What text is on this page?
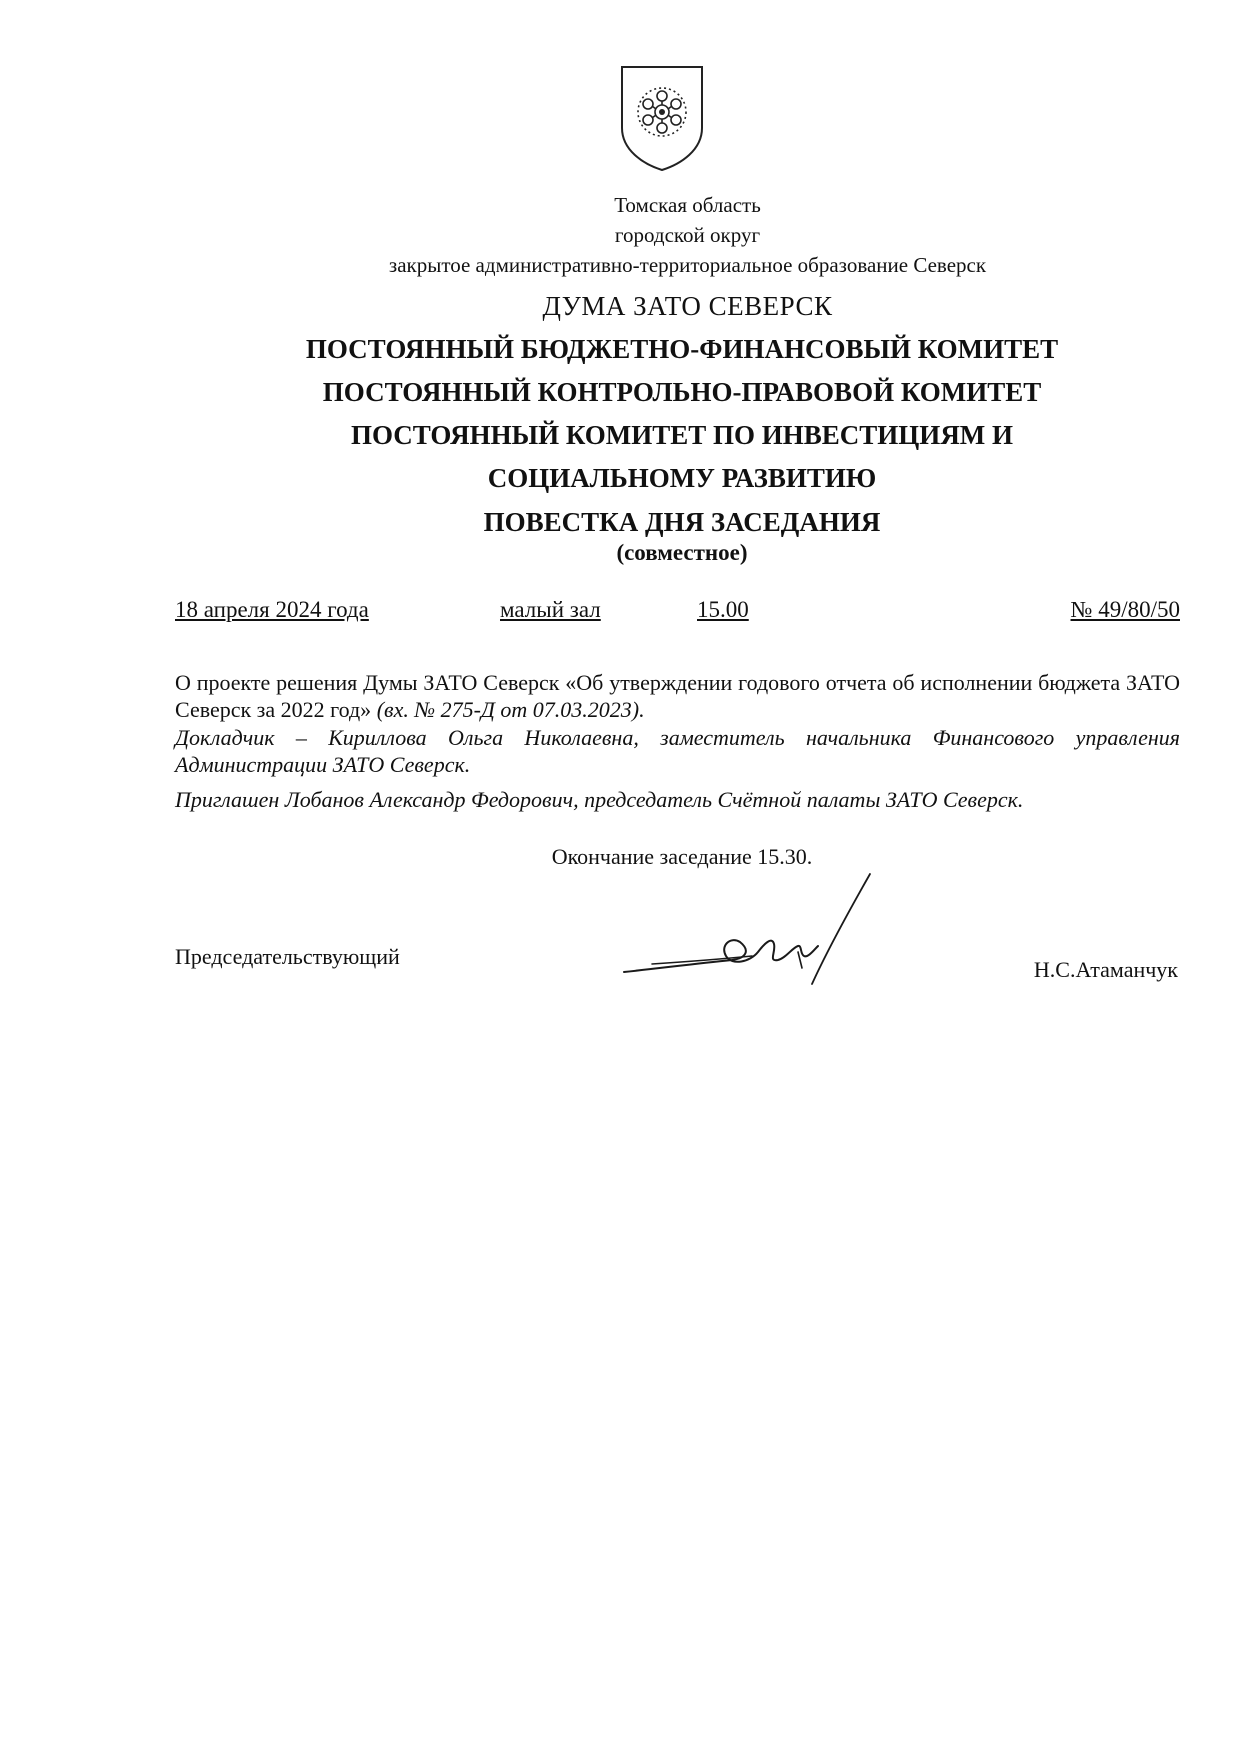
Томская область
городской округ
закрытое административно-территориальное образование Северск
ДУМА ЗАТО СЕВЕРСК
ПОСТОЯННЫЙ БЮДЖЕТНО-ФИНАНСОВЫЙ КОМИТЕТ
ПОСТОЯННЫЙ КОНТРОЛЬНО-ПРАВОВОЙ КОМИТЕТ
ПОСТОЯННЫЙ КОМИТЕТ ПО ИНВЕСТИЦИЯМ И
СОЦИАЛЬНОМУ РАЗВИТИЮ
ПОВЕСТКА ДНЯ ЗАСЕДАНИЯ
(совместное)
18 апреля 2024 года	малый зал	15.00	№ 49/80/50
О проекте решения Думы ЗАТО Северск «Об утверждении годового отчета об исполнении бюджета ЗАТО Северск за 2022 год» (вх. № 275-Д от 07.03.2023).
Докладчик – Кириллова Ольга Николаевна, заместитель начальника Финансового управления Администрации ЗАТО Северск.
Приглашен Лобанов Александр Федорович, председатель Счётной палаты ЗАТО Северск.
Окончание заседание 15.30.
Председательствующий
Н.С.Атаманчук
